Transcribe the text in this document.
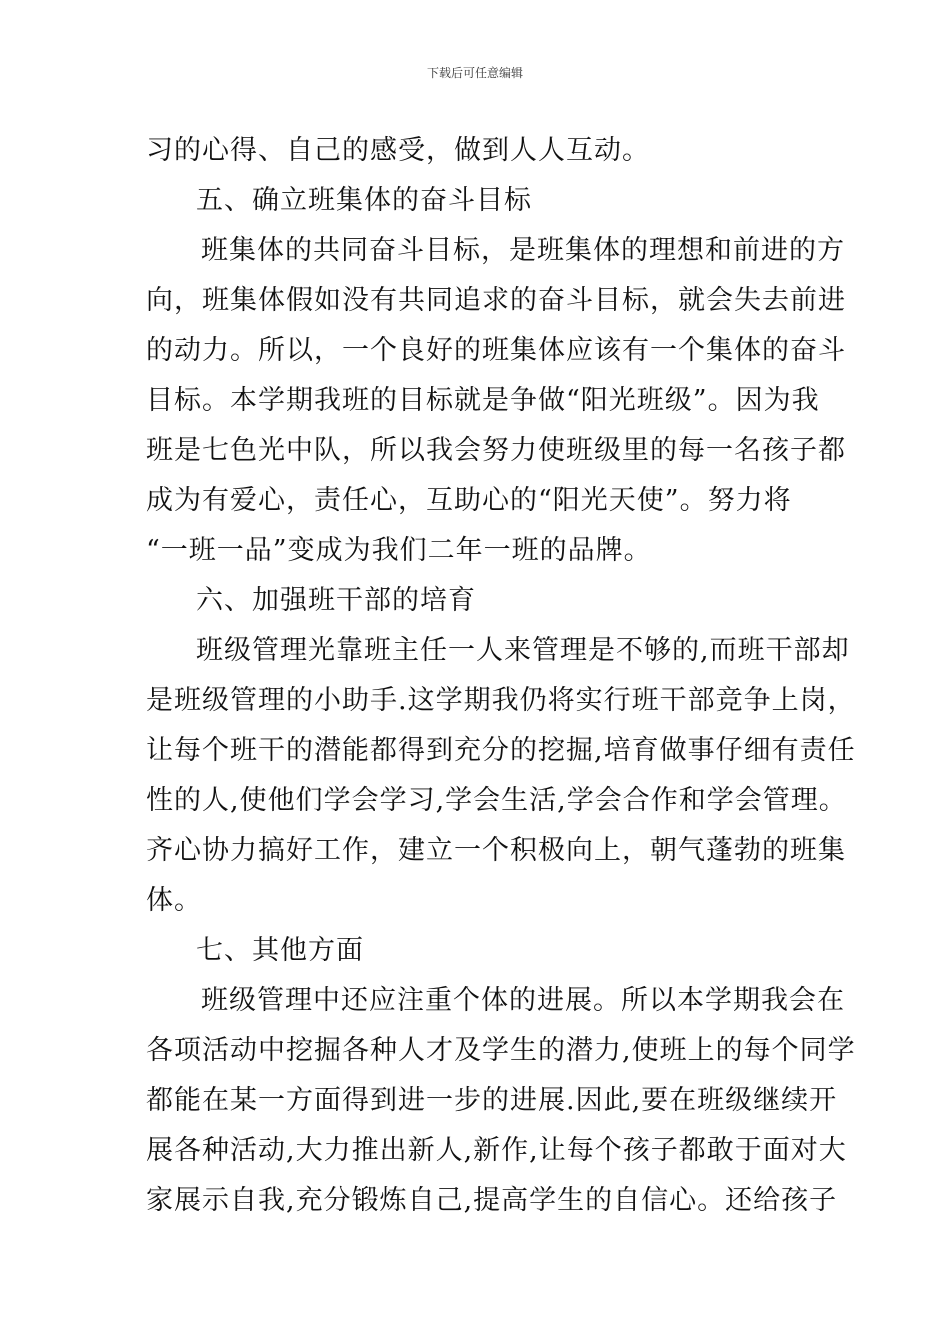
下载后可任意编辑
习的心得、自己的感受，做到人人互动。
五、确立班集体的奋斗目标
班集体的共同奋斗目标，是班集体的理想和前进的方
向，班集体假如没有共同追求的奋斗目标，就会失去前进
的动力。所以，一个良好的班集体应该有一个集体的奋斗
目标。本学期我班的目标就是争做“阳光班级”。因为我
班是七色光中队，所以我会努力使班级里的每一名孩子都
成为有爱心，责任心，互助心的“阳光天使”。努力将
“一班一品”变成为我们二年一班的品牌。
六、加强班干部的培育
班级管理光靠班主任一人来管理是不够的,而班干部却
是班级管理的小助手.这学期我仍将实行班干部竞争上岗，
让每个班干的潜能都得到充分的挖掘,培育做事仔细有责任
性的人,使他们学会学习,学会生活,学会合作和学会管理。
齐心协力搞好工作，建立一个积极向上，朝气蓬勃的班集
体。
七、其他方面
班级管理中还应注重个体的进展。所以本学期我会在
各项活动中挖掘各种人才及学生的潜力,使班上的每个同学
都能在某一方面得到进一步的进展.因此,要在班级继续开
展各种活动,大力推出新人,新作,让每个孩子都敢于面对大
家展示自我,充分锻炼自己,提高学生的自信心。还给孩子
